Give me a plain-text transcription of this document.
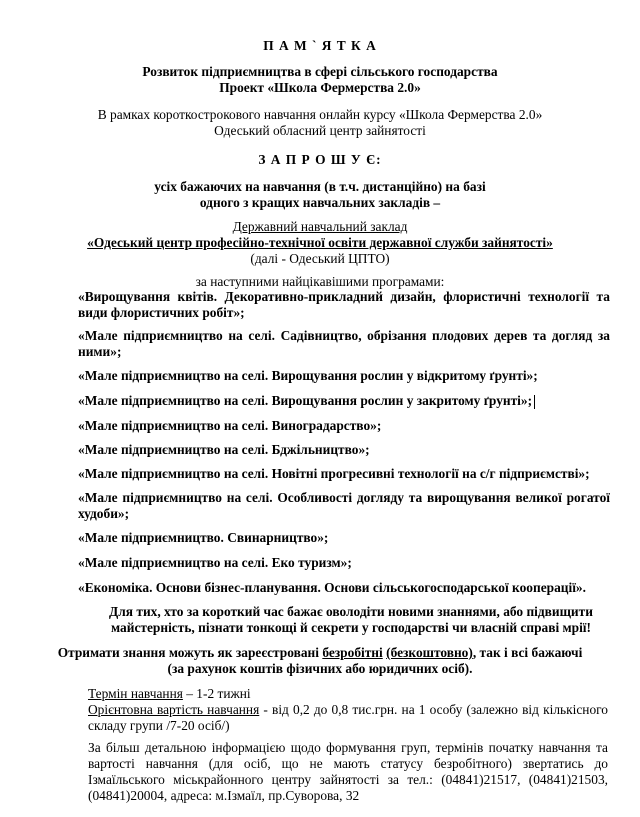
П А М ` Я Т К А
Розвиток підприємництва в сфері сільського господарства
Проект «Школа Фермерства 2.0»
В рамках короткострокового навчання онлайн курсу «Школа Фермерства 2.0»
Одеський обласний центр зайнятості
З А П Р О Ш У Є:
усіх бажаючих на навчання (в т.ч. дистанційно) на базі
одного з кращих навчальних закладів –
Державний навчальний заклад
«Одеський центр професійно-технічної освіти державної служби зайнятості»
(далі - Одеський ЦПТО)
за наступними найцікавішими програмами:
«Вирощування квітів. Декоративно-прикладний дизайн, флористичні технології та види флористичних робіт»;
«Мале підприємництво на селі. Садівництво, обрізання плодових дерев та догляд за ними»;
«Мале підприємництво на селі. Вирощування рослин у відкритому ґрунті»;
«Мале підприємництво на селі. Вирощування рослин у закритому ґрунті»;
«Мале підприємництво на селі. Виноградарство»;
«Мале підприємництво на селі. Бджільництво»;
«Мале підприємництво на селі. Новітні прогресивні технології на с/г підприємстві»;
«Мале підприємництво на селі. Особливості догляду та вирощування великої рогатої худоби»;
«Мале підприємництво. Свинарництво»;
«Мале підприємництво на селі. Еко туризм»;
«Економіка. Основи бізнес-планування. Основи сільськогосподарської кооперації».
Для тих, хто за короткий час бажає оволодіти новими знаннями, або підвищити майстерність, пізнати тонкощі й секрети у господарстві чи власній справі мрії!
Отримати знання можуть як зареєстровані безробітні (безкоштовно), так і всі бажаючі
(за рахунок коштів фізичних або юридичних осіб).
Термін навчання – 1-2 тижні
Орієнтовна вартість навчання - від 0,2 до 0,8 тис.грн. на 1 особу (залежно від кількісного складу групи /7-20 осіб/)
За більш детальною інформацією щодо формування груп, термінів початку навчання та вартості навчання (для осіб, що не мають статусу безробітного) звертатись до Ізмаїльського міськрайонного центру зайнятості за тел.: (04841)21517, (04841)21503, (04841)20004, адреса: м.Ізмаїл, пр.Суворова, 32
